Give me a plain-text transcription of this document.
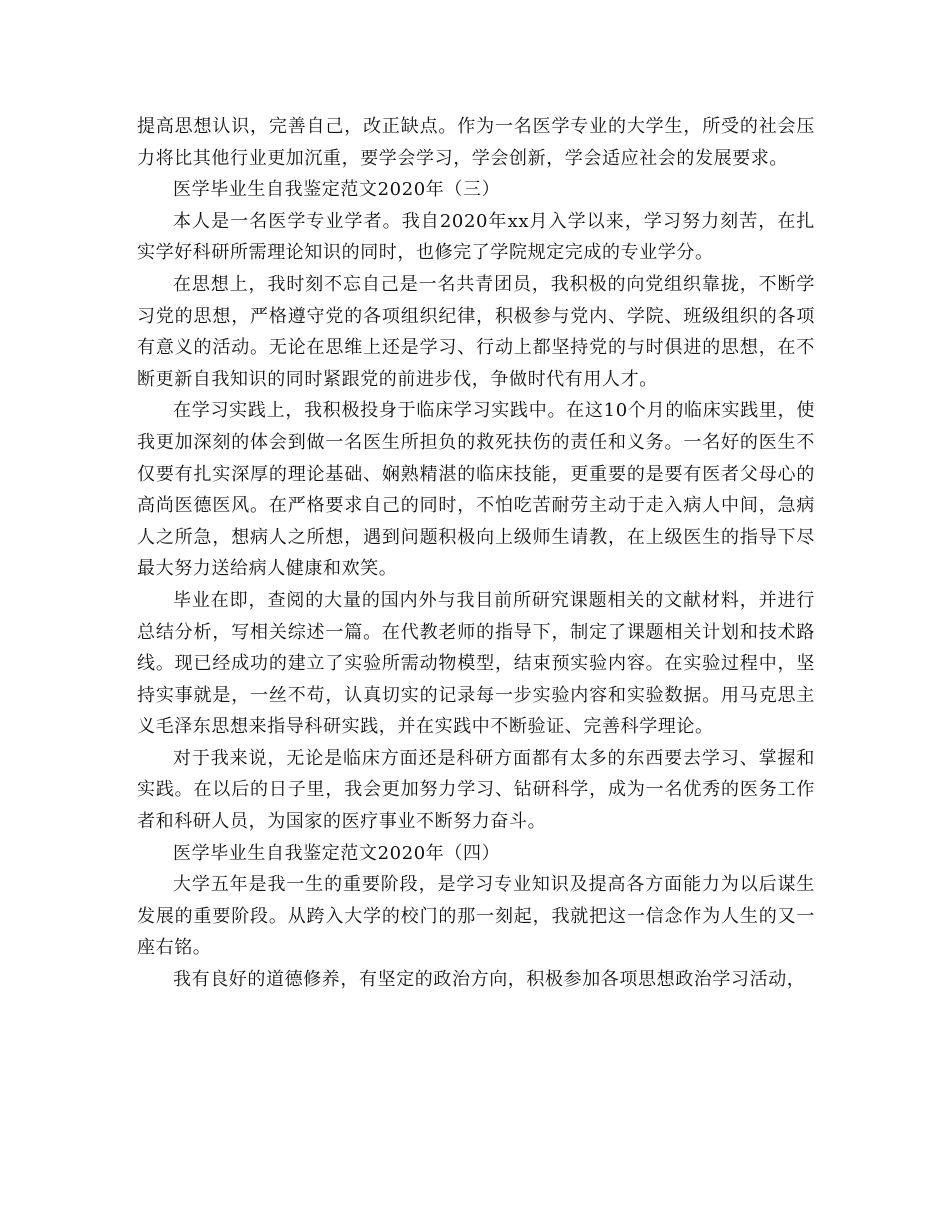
提高思想认识，完善自己，改正缺点。作为一名医学专业的大学生，所受的社会压力将比其他行业更加沉重，要学会学习，学会创新，学会适应社会的发展要求。

医学毕业生自我鉴定范文2020年（三）

本人是一名医学专业学者。我自2020年xx月入学以来，学习努力刻苦，在扎实学好科研所需理论知识的同时，也修完了学院规定完成的专业学分。

在思想上，我时刻不忘自己是一名共青团员，我积极的向党组织靠拢，不断学习党的思想，严格遵守党的各项组织纪律，积极参与党内、学院、班级组织的各项有意义的活动。无论在思维上还是学习、行动上都坚持党的与时俱进的思想，在不断更新自我知识的同时紧跟党的前进步伐，争做时代有用人才。

在学习实践上，我积极投身于临床学习实践中。在这10个月的临床实践里，使我更加深刻的体会到做一名医生所担负的救死扶伤的责任和义务。一名好的医生不仅要有扎实深厚的理论基础、娴熟精湛的临床技能，更重要的是要有医者父母心的高尚医德医风。在严格要求自己的同时，不怕吃苦耐劳主动于走入病人中间，急病人之所急，想病人之所想，遇到问题积极向上级师生请教，在上级医生的指导下尽最大努力送给病人健康和欢笑。

毕业在即，查阅的大量的国内外与我目前所研究课题相关的文献材料，并进行总结分析，写相关综述一篇。在代教老师的指导下，制定了课题相关计划和技术路线。现已经成功的建立了实验所需动物模型，结束预实验内容。在实验过程中，坚持实事就是，一丝不苟，认真切实的记录每一步实验内容和实验数据。用马克思主义毛泽东思想来指导科研实践，并在实践中不断验证、完善科学理论。

对于我来说，无论是临床方面还是科研方面都有太多的东西要去学习、掌握和实践。在以后的日子里，我会更加努力学习、钻研科学，成为一名优秀的医务工作者和科研人员，为国家的医疗事业不断努力奋斗。

医学毕业生自我鉴定范文2020年（四）

大学五年是我一生的重要阶段，是学习专业知识及提高各方面能力为以后谋生发展的重要阶段。从跨入大学的校门的那一刻起，我就把这一信念作为人生的又一座右铭。

我有良好的道德修养，有坚定的政治方向，积极参加各项思想政治学习活动，
